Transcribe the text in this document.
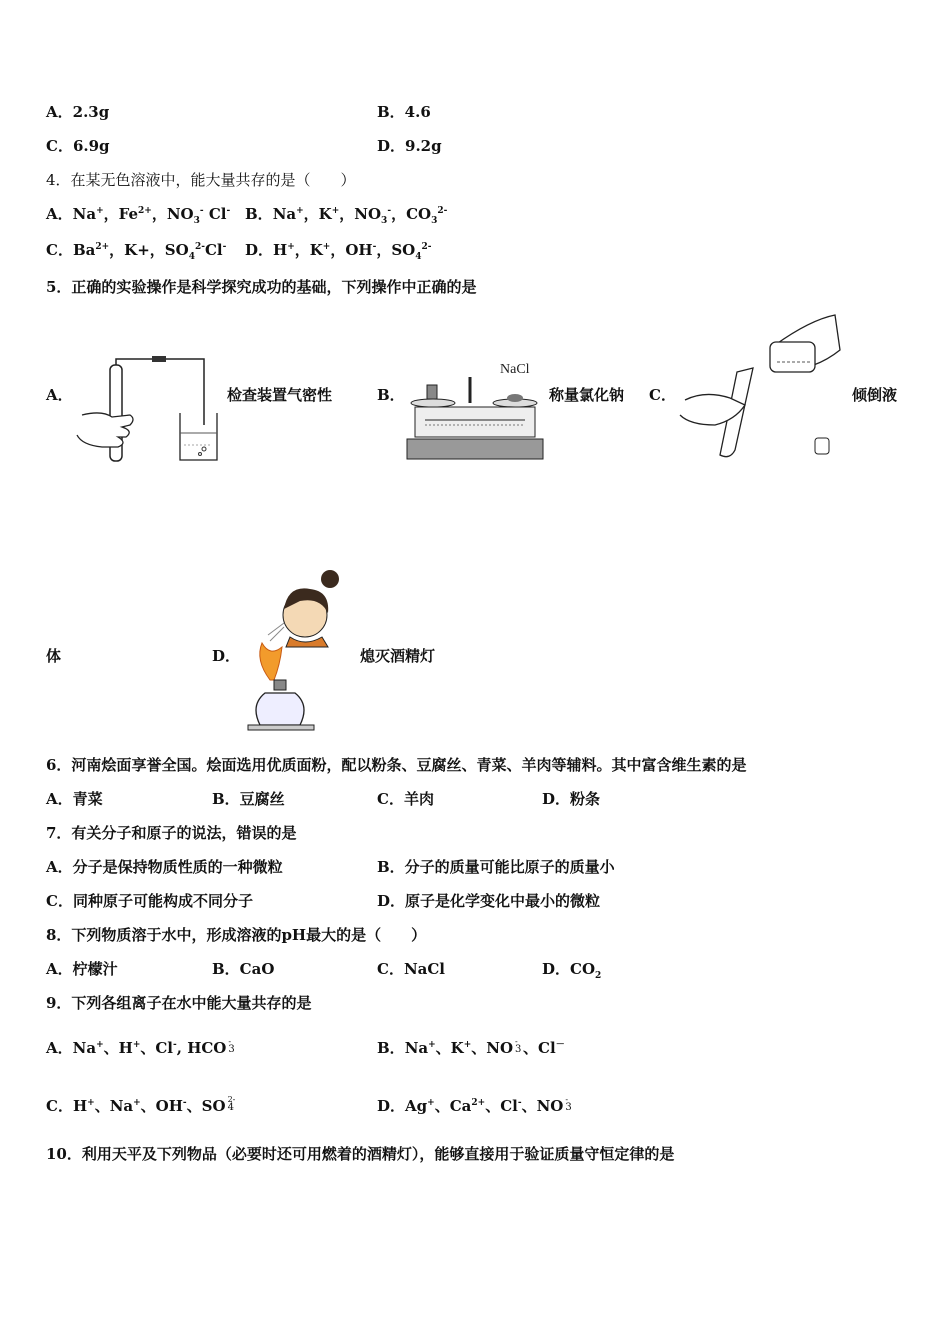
A．2.3g	B．4.6
C．6.9g	D．9.2g
4．在某无色溶液中，能大量共存的是（　　）
A．Na+，$Fe^{2+}$，$NO_3^-$ Cl- B．Na+，K+，$NO_3^-$，$CO_3^{2-}$
C．$Ba^{2+}$，K+，$SO_4^{2-}Cl^-$ D．H+，K+，OH-，$SO_4^{2-}$
5．正确的实验操作是科学探究成功的基础，下列操作中正确的是
A．	检查装置气密性	B．
NaCl
称量氯化钠 C．	倾倒液
体	D．	熄灭酒精灯
6．河南烩面享誉全国。烩面选用优质面粉，配以粉条、豆腐丝、青菜、羊肉等辅料。其中富含维生素的是
A．青菜	B．豆腐丝	C．羊肉	D．粉条
7．有关分子和原子的说法，错误的是
A．分子是保持物质性质的一种微粒	B．分子的质量可能比原子的质量小
C．同种原子可能构成不同分子	D．原子是化学变化中最小的微粒
8．下列物质溶于水中，形成溶液的pH最大的是（　　）
A．柠檬汁	B．CaO	C．NaCl	D．$CO_2$
9．下列各组离子在水中能大量共存的是
A．Na+、H+、Cl-, HCO -
3	B．Na+、K+、NO -
3 、Cl－
C．H+、Na+、OH-、SO 2-
4	D．Ag+、$Ca^{2+}$、Cl-、NO -
3
10．利用天平及下列物品（必要时还可用燃着的酒精灯），能够直接用于验证质量守恒定律的是
